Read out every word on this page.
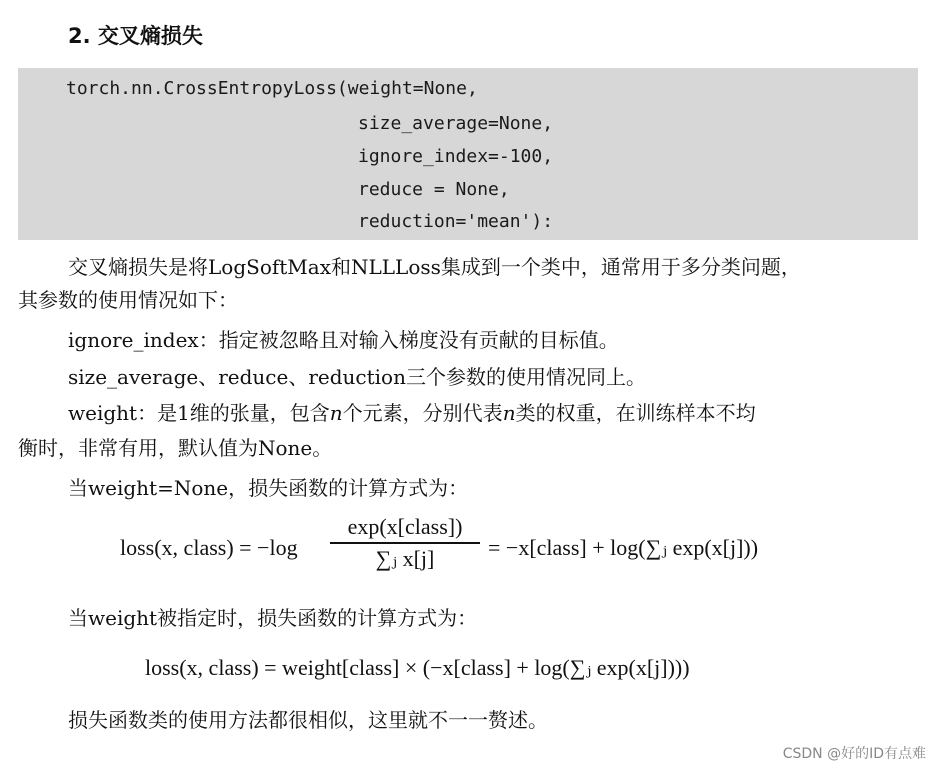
2. 交叉熵损失
torch.nn.CrossEntropyLoss(weight=None,
size_average=None,
ignore_index=-100,
reduce = None,
reduction='mean'):
交叉熵损失是将LogSoftMax和NLLLoss集成到一个类中，通常用于多分类问题，
其参数的使用情况如下：
ignore_index：指定被忽略且对输入梯度没有贡献的目标值。
size_average、reduce、reduction三个参数的使用情况同上。
weight：是1维的张量，包含n个元素，分别代表n类的权重，在训练样本不均
衡时，非常有用，默认值为None。
当weight=None，损失函数的计算方式为：
loss(x, class) = −log
exp(x[class])
∑ⱼ x[j]	= −x[class] + log(∑ⱼ exp(x[j]))
当weight被指定时，损失函数的计算方式为：
loss(x, class) = weight[class] × (−x[class] + log(∑ⱼ exp(x[j])))
损失函数类的使用方法都很相似，这里就不一一赘述。
CSDN @好的ID有点难
